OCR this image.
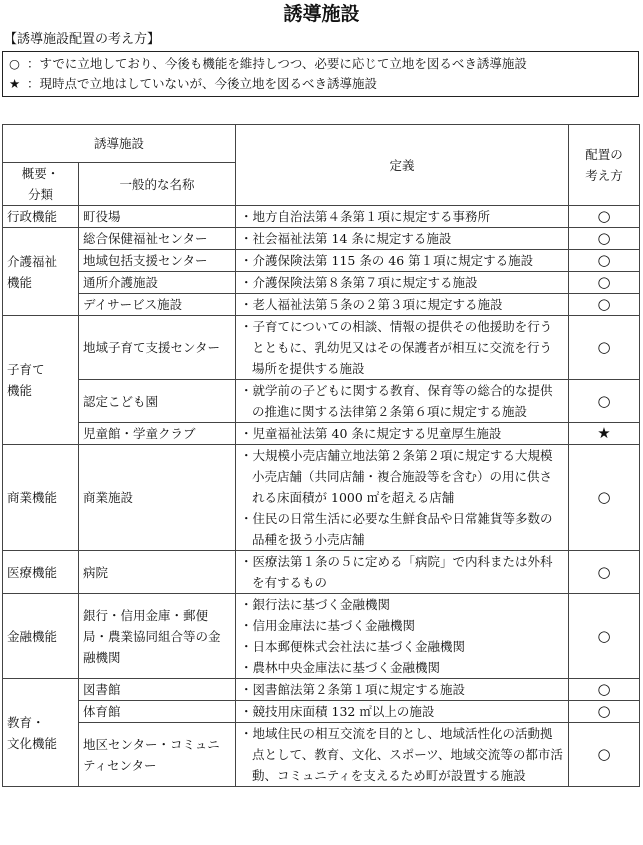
誘導施設
【誘導施設配置の考え方】
○ ：すでに立地しており、今後も機能を維持しつつ、必要に応じて立地を図るべき誘導施設
★ ：現時点で立地はしていないが、今後立地を図るべき誘導施設
誘導施設		定義	配置の
考え方
概要・
分類	一般的な名称		
行政機能	町役場	・地方自治法第４条第１項に規定する事務所	○
介護福祉
機能	総合保健福祉センター	・社会福祉法第 14 条に規定する施設	○
	地域包括支援センター	・介護保険法第 115 条の 46 第１項に規定する施設	○
	通所介護施設	・介護保険法第８条第７項に規定する施設	○
	デイサービス施設	・老人福祉法第５条の２第３項に規定する施設	○
子育て
機能	地域子育て支援センター	・子育てについての相談、情報の提供その他援助を行うとともに、乳幼児又はその保護者が相互に交流を行う場所を提供する施設	○
	認定こども園	・就学前の子どもに関する教育、保育等の総合的な提供の推進に関する法律第２条第６項に規定する施設	○
	児童館・学童クラブ	・児童福祉法第 40 条に規定する児童厚生施設	★
商業機能	商業施設	・大規模小売店舗立地法第２条第２項に規定する大規模小売店舗（共同店舗・複合施設等を含む）の用に供される床面積が 1000 ㎡を超える店舗
・住民の日常生活に必要な生鮮食品や日常雑貨等多数の品種を扱う小売店舗	○
医療機能	病院	・医療法第１条の５に定める「病院」で内科または外科を有するもの	○
金融機能	銀行・信用金庫・郵便局・農業協同組合等の金融機関	・銀行法に基づく金融機関
・信用金庫法に基づく金融機関
・日本郵便株式会社法に基づく金融機関
・農林中央金庫法に基づく金融機関	○
教育・
文化機能	図書館	・図書館法第２条第１項に規定する施設	○
	体育館	・競技用床面積 132 ㎡以上の施設	○
	地区センター・コミュニティセンター	・地域住民の相互交流を目的とし、地域活性化の活動拠点として、教育、文化、スポーツ、地域交流等の都市活動、コミュニティを支えるため町が設置する施設	○
